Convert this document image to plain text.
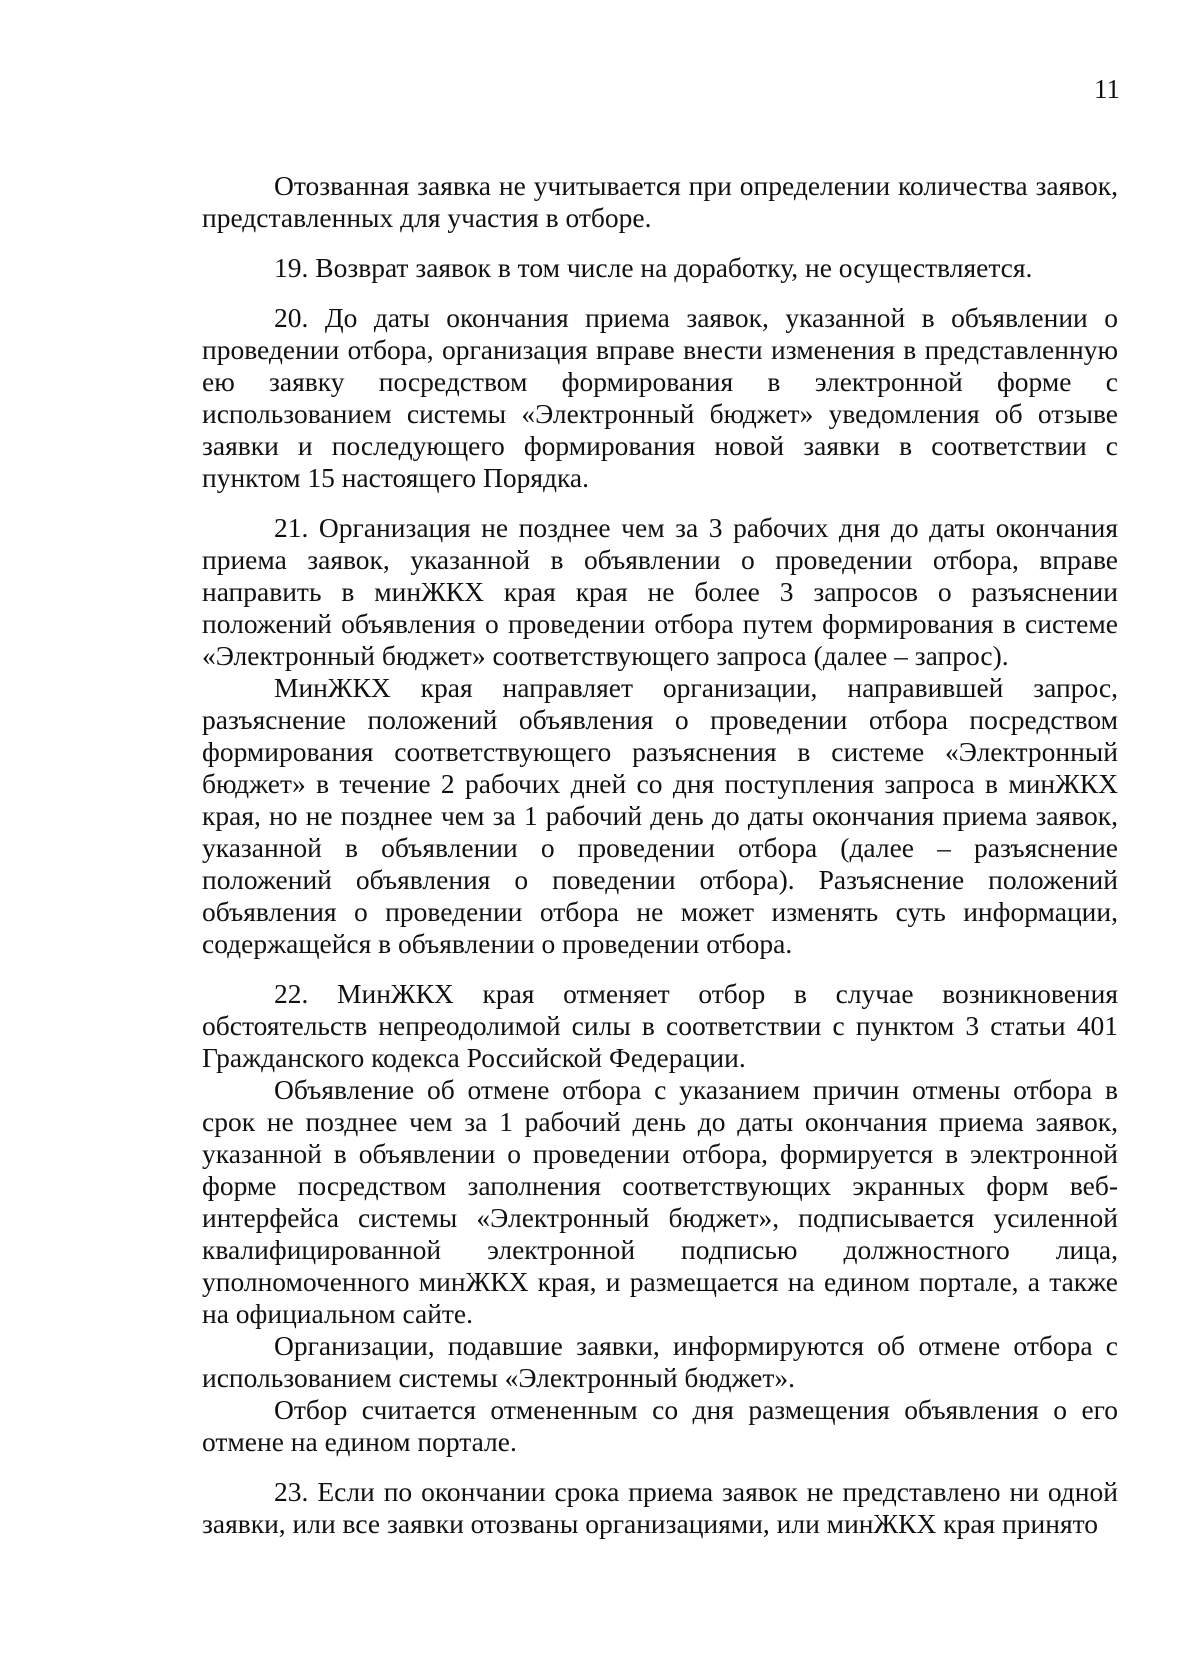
11

Отозванная заявка не учитывается при определении количества заявок, представленных для участия в отборе.

19. Возврат заявок в том числе на доработку, не осуществляется.

20. До даты окончания приема заявок, указанной в объявлении о проведении отбора, организация вправе внести изменения в представленную ею заявку посредством формирования в электронной форме с использованием системы «Электронный бюджет» уведомления об отзыве заявки и последующего формирования новой заявки в соответствии с пунктом 15 настоящего Порядка.

21. Организация не позднее чем за 3 рабочих дня до даты окончания приема заявок, указанной в объявлении о проведении отбора, вправе направить в минЖКХ края края не более 3 запросов о разъяснении положений объявления о проведении отбора путем формирования в системе «Электронный бюджет» соответствующего запроса (далее – запрос).

МинЖКХ края направляет организации, направившей запрос, разъяснение положений объявления о проведении отбора посредством формирования соответствующего разъяснения в системе «Электронный бюджет» в течение 2 рабочих дней со дня поступления запроса в минЖКХ края, но не позднее чем за 1 рабочий день до даты окончания приема заявок, указанной в объявлении о проведении отбора (далее – разъяснение положений объявления о поведении отбора). Разъяснение положений объявления о проведении отбора не может изменять суть информации, содержащейся в объявлении о проведении отбора.

22. МинЖКХ края отменяет отбор в случае возникновения обстоятельств непреодолимой силы в соответствии с пунктом 3 статьи 401 Гражданского кодекса Российской Федерации.

Объявление об отмене отбора с указанием причин отмены отбора в срок не позднее чем за 1 рабочий день до даты окончания приема заявок, указанной в объявлении о проведении отбора, формируется в электронной форме посредством заполнения соответствующих экранных форм веб-интерфейса системы «Электронный бюджет», подписывается усиленной квалифицированной электронной подписью должностного лица, уполномоченного минЖКХ края, и размещается на едином портале, а также на официальном сайте.

Организации, подавшие заявки, информируются об отмене отбора с использованием системы «Электронный бюджет».

Отбор считается отмененным со дня размещения объявления о его отмене на едином портале.

23. Если по окончании срока приема заявок не представлено ни одной заявки, или все заявки отозваны организациями, или минЖКХ края принято
